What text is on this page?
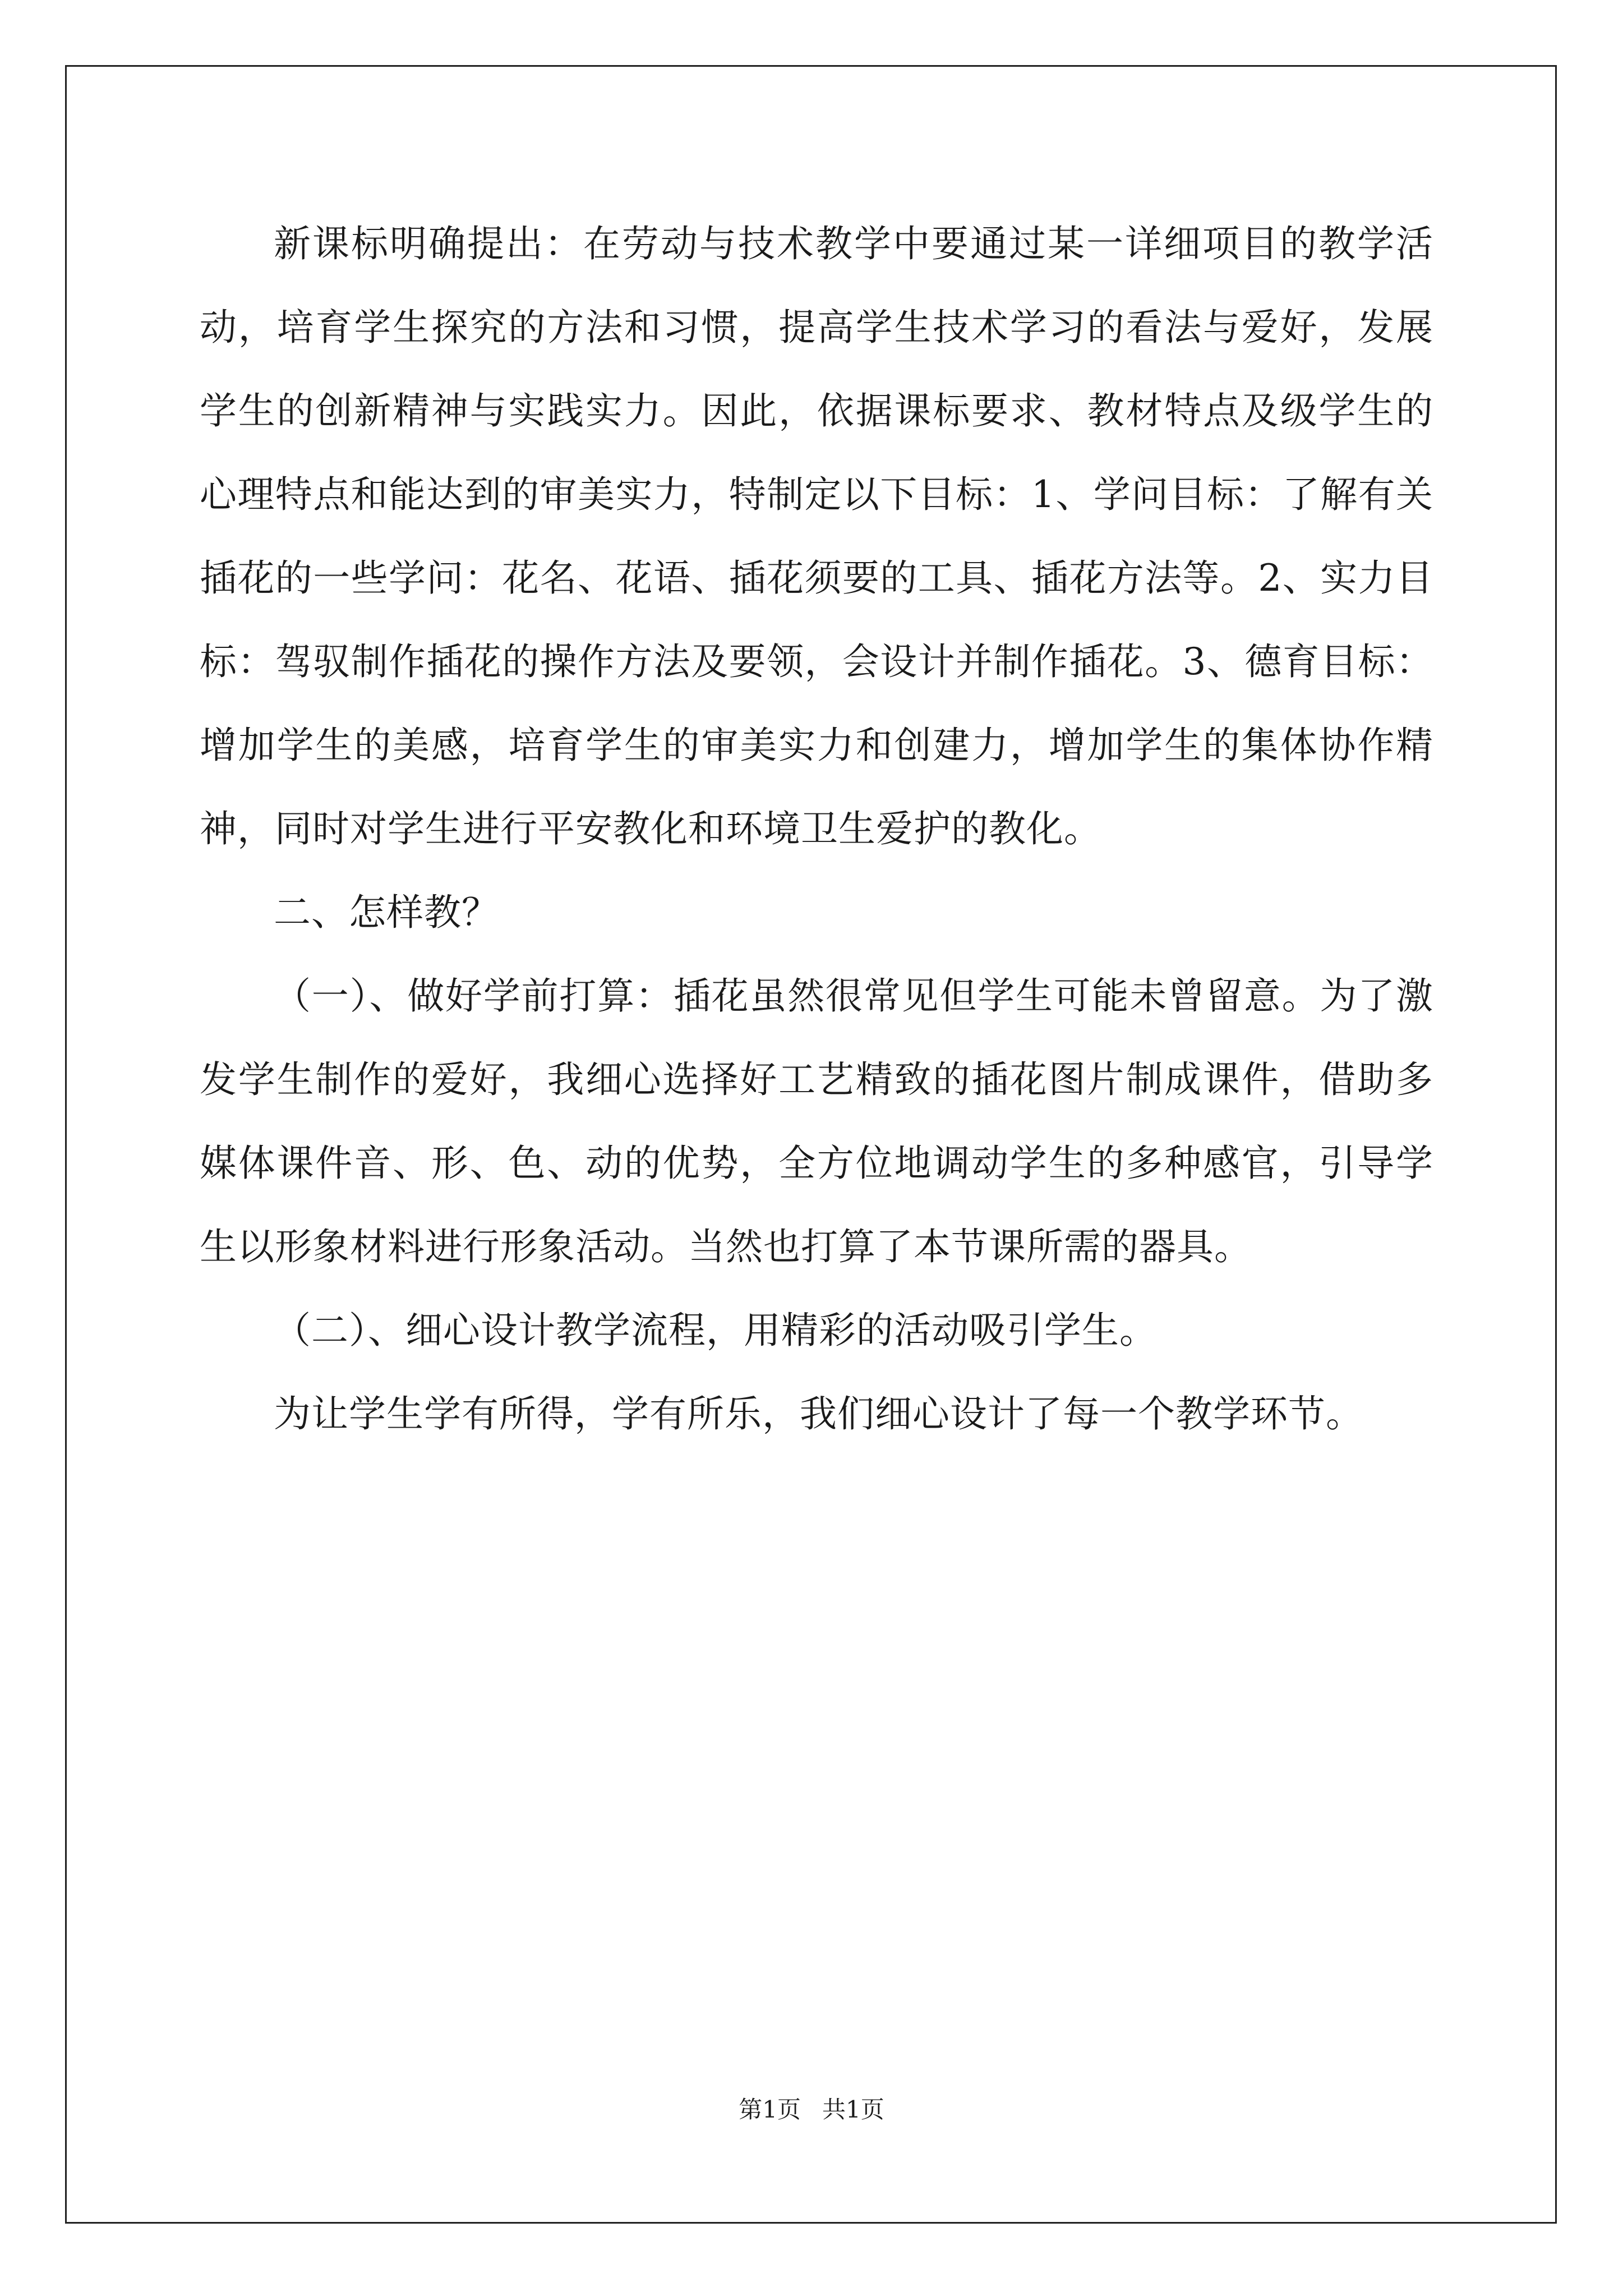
新课标明确提出：在劳动与技术教学中要通过某一详细项目的教学活动，培育学生探究的方法和习惯，提高学生技术学习的看法与爱好，发展学生的创新精神与实践实力。因此，依据课标要求、教材特点及级学生的心理特点和能达到的审美实力，特制定以下目标：1、学问目标：了解有关插花的一些学问：花名、花语、插花须要的工具、插花方法等。2、实力目标：驾驭制作插花的操作方法及要领，会设计并制作插花。3、德育目标：增加学生的美感，培育学生的审美实力和创建力，增加学生的集体协作精神，同时对学生进行平安教化和环境卫生爱护的教化。

二、怎样教？

（一）、做好学前打算：插花虽然很常见但学生可能未曾留意。为了激发学生制作的爱好，我细心选择好工艺精致的插花图片制成课件，借助多媒体课件音、形、色、动的优势，全方位地调动学生的多种感官，引导学生以形象材料进行形象活动。当然也打算了本节课所需的器具。

（二）、细心设计教学流程，用精彩的活动吸引学生。

为让学生学有所得，学有所乐，我们细心设计了每一个教学环节。

第1页 共1页
